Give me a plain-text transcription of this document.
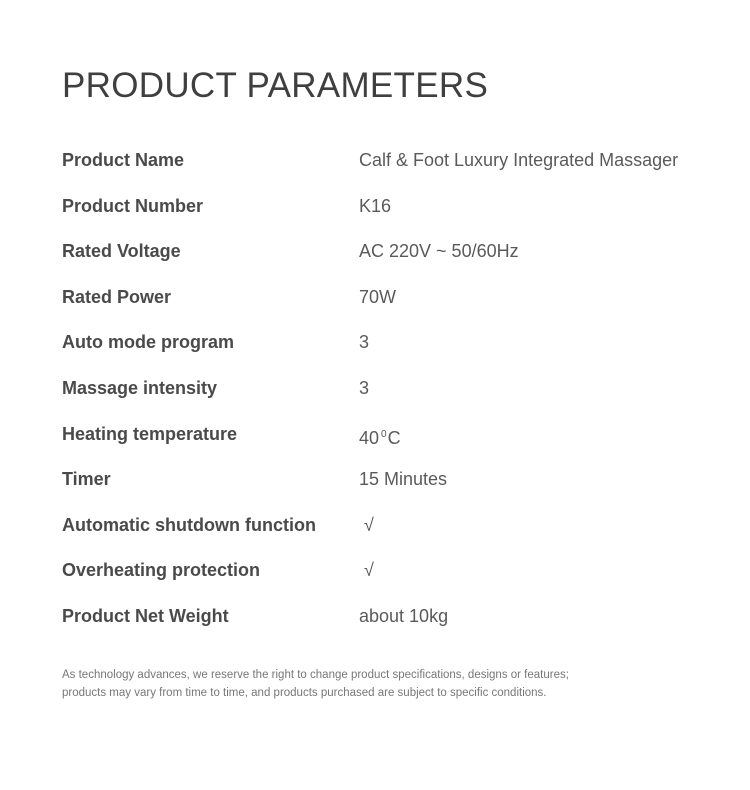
PRODUCT PARAMETERS
Product Name	Calf & Foot Luxury Integrated Massager
Product Number	K16
Rated Voltage	AC 220V ~ 50/60Hz
Rated Power	70W
Auto mode program	3
Massage intensity	3
Heating temperature	40 $^0$C
Timer	15 Minutes
Automatic shutdown function	√
Overheating protection	√
Product Net Weight	about 10kg
As technology advances, we reserve the right to change product specifications, designs or features;
products may vary from time to time, and products purchased are subject to specific conditions.
